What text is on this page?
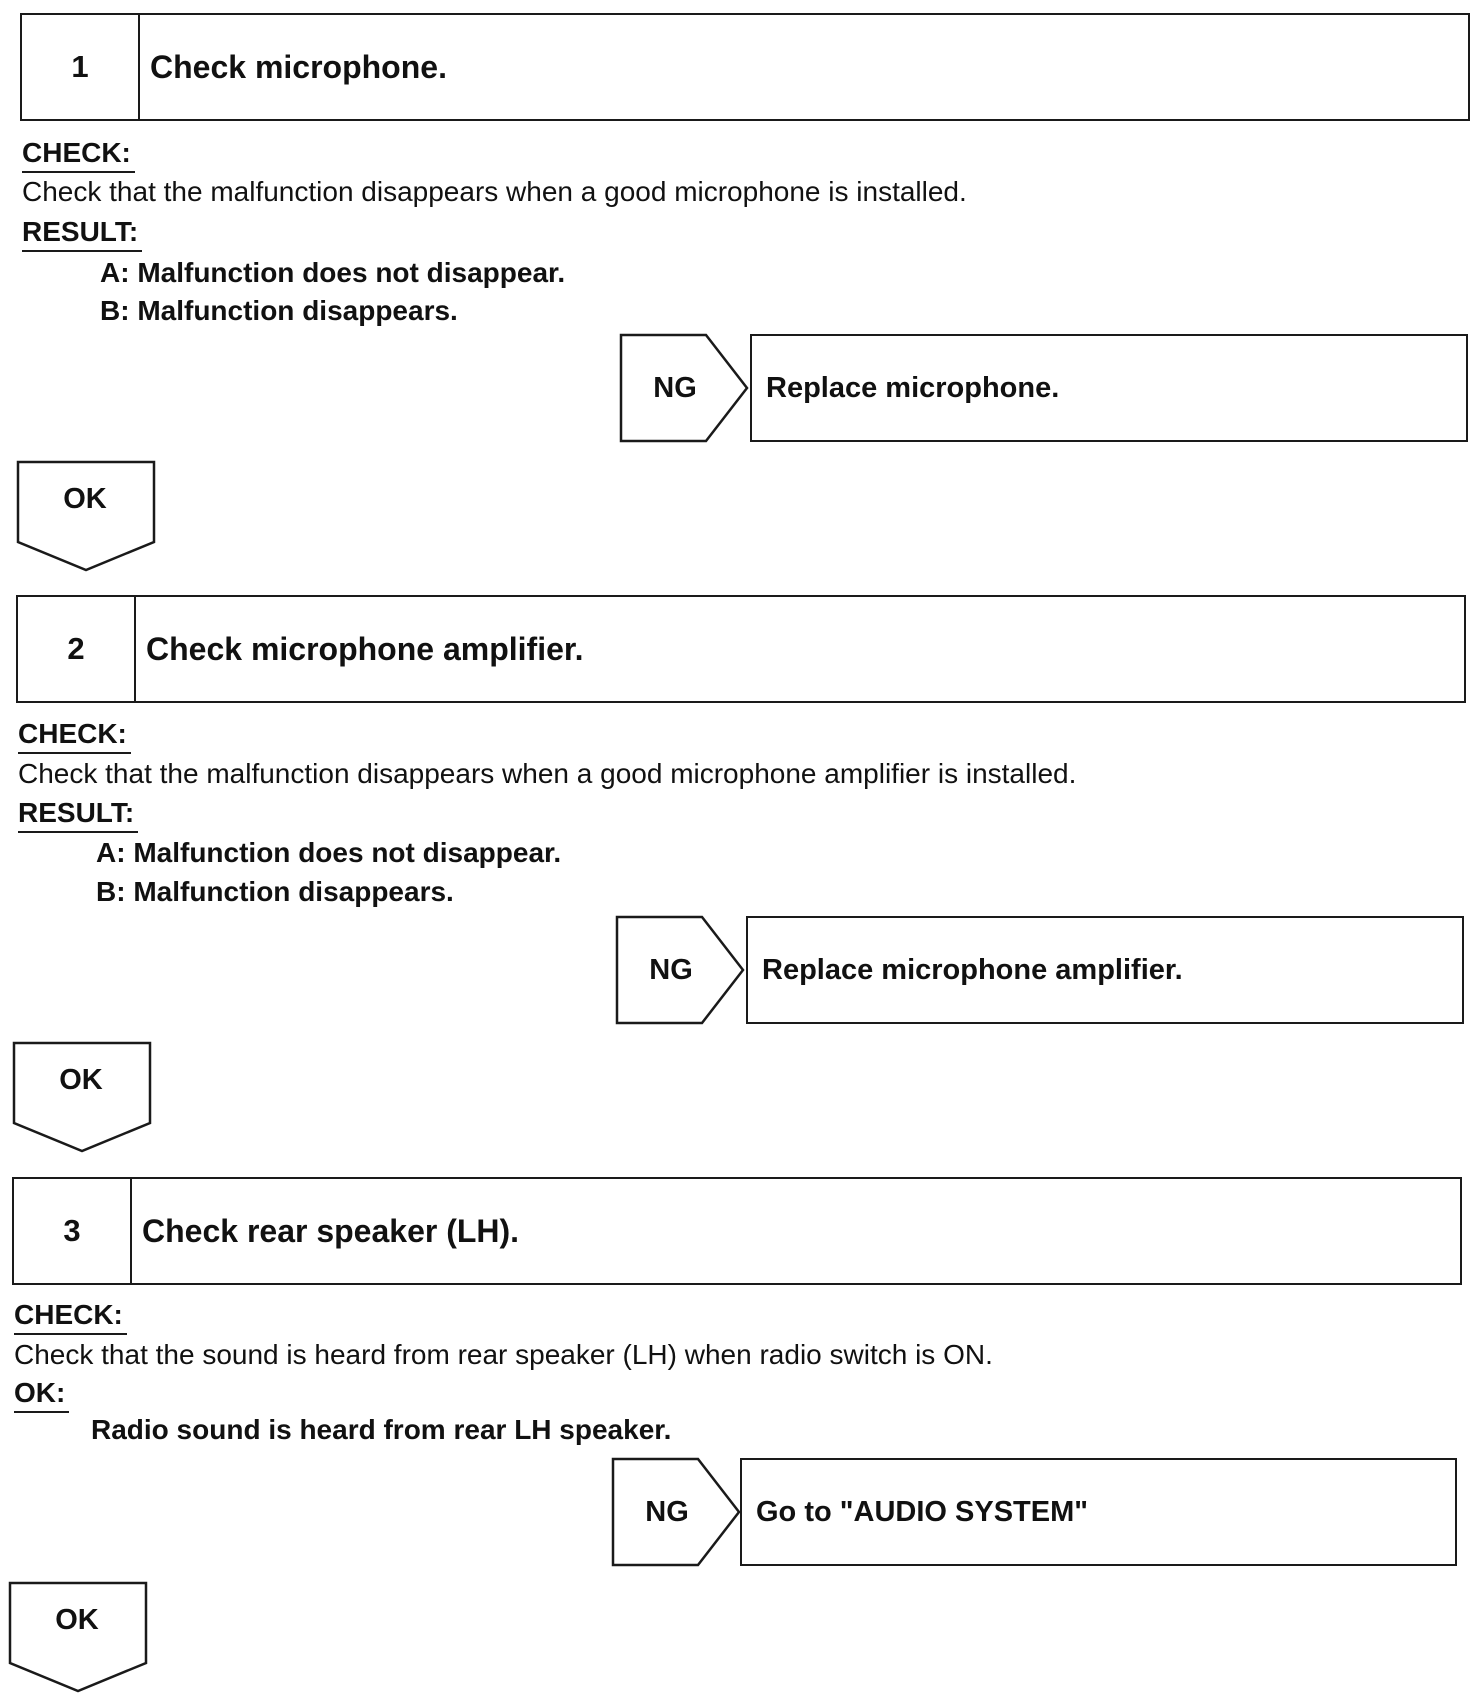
1	Check microphone.
CHECK:
Check that the malfunction disappears when a good microphone is installed.
RESULT:
A: Malfunction does not disappear.
B: Malfunction disappears.
NG	Replace microphone.
OK
2	Check microphone amplifier.
CHECK:
Check that the malfunction disappears when a good microphone amplifier is installed.
RESULT:
A: Malfunction does not disappear.
B: Malfunction disappears.
NG	Replace microphone amplifier.
OK
3	Check rear speaker (LH).
CHECK:
Check that the sound is heard from rear speaker (LH) when radio switch is ON.
OK:
Radio sound is heard from rear LH speaker.
NG	Go to "AUDIO SYSTEM"
OK
